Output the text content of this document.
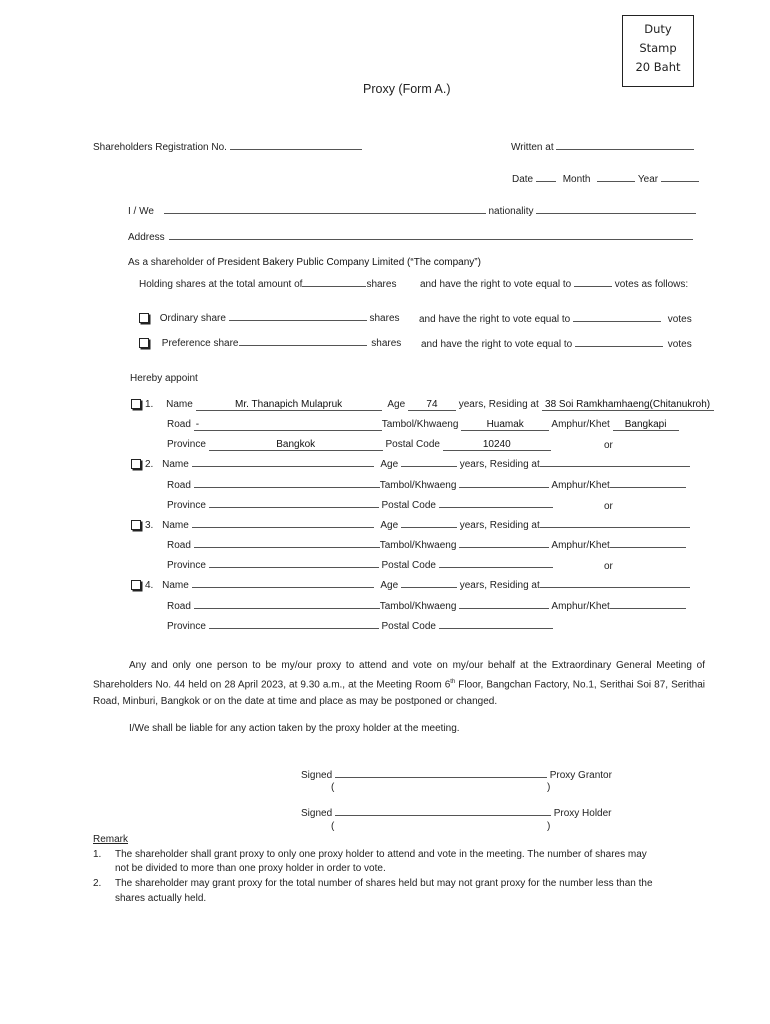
Duty
Stamp
20 Baht
Proxy (Form A.)
Shareholders Registration No.	Written at
Date	Month	Year
I / We	nationality
Address
As a shareholder of President Bakery Public Company Limited (“The company”)
Holding shares at the total amount of	shares and have the right to vote equal to	votes as follows:
Ordinary share	shares and have the right to vote equal to	votes
Preference share	shares and have the right to vote equal to	votes
Hereby appoint
1. Name	Mr. Thanapich Mulapruk	Age 74 years, Residing at 38 Soi Ramkhamhaeng(Chitanukroh)
Road -	Tambol/Khwaeng	Huamak	Amphur/Khet Bangkapi
Province	Bangkok	Postal Code	10240	or
2. Name	Age	years, Residing at
Road	Tambol/Khwaeng	Amphur/Khet
Province	Postal Code	or
3. Name	Age	years, Residing at
Road	Tambol/Khwaeng	Amphur/Khet
Province	Postal Code	or
4. Name	Age	years, Residing at
Road	Tambol/Khwaeng	Amphur/Khet
Province	Postal Code
Any and only one person to be my/our proxy to attend and vote on my/our behalf at the Extraordinary General Meeting of Shareholders No. 44 held on 28 April 2023, at 9.30 a.m., at the Meeting Room 6th Floor, Bangchan Factory, No.1, Serithai Soi 87, Serithai Road, Minburi, Bangkok or on the date at time and place as may be postponed or changed.
I/We shall be liable for any action taken by the proxy holder at the meeting.
Signed	Proxy Grantor
(	)
Signed	Proxy Holder
(	)
Remark
1. The shareholder shall grant proxy to only one proxy holder to attend and vote in the meeting. The number of shares may
not be divided to more than one proxy holder in order to vote.
2. The shareholder may grant proxy for the total number of shares held but may not grant proxy for the number less than the
shares actually held.
